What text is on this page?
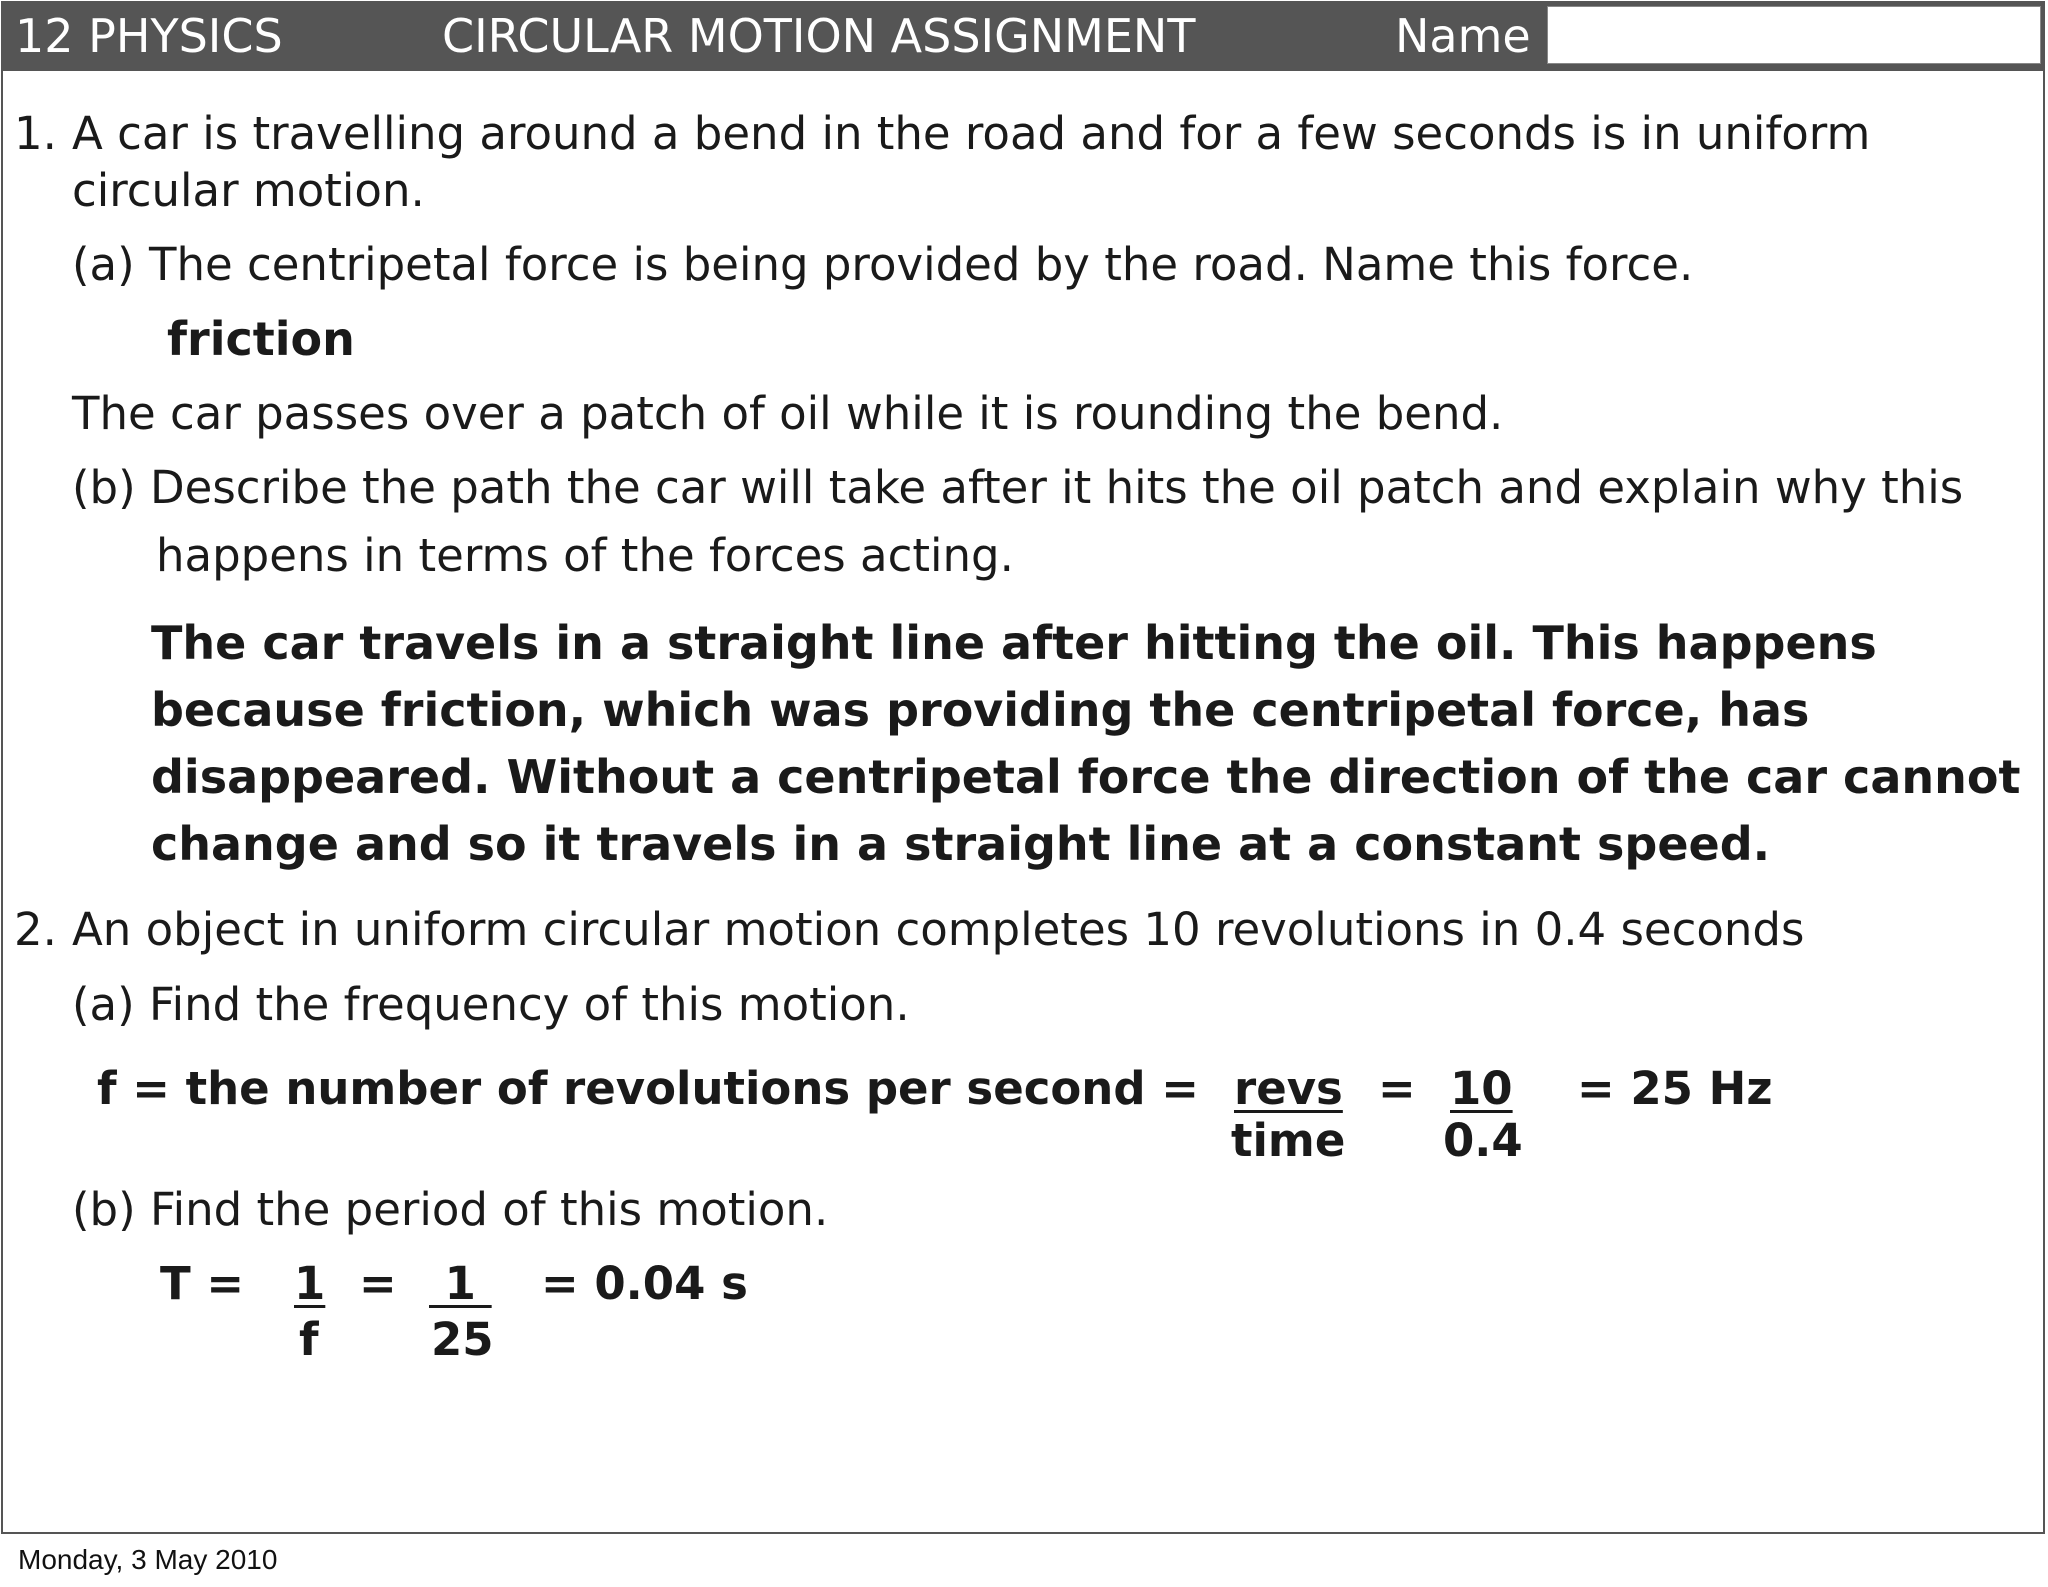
12 PHYSICS	CIRCULAR MOTION ASSIGNMENT	Name
1. A car is travelling around a bend in the road and for a few seconds is in uniform
circular motion.
(a) The centripetal force is being provided by the road. Name this force.
friction
The car passes over a patch of oil while it is rounding the bend.
(b) Describe the path the car will take after it hits the oil patch and explain why this
happens in terms of the forces acting.
The car travels in a straight line after hitting the oil. This happens
because friction, which was providing the centripetal force, has
disappeared. Without a centripetal force the direction of the car cannot
change and so it travels in a straight line at a constant speed.
2. An object in uniform circular motion completes 10 revolutions in 0.4 seconds
(a) Find the frequency of this motion.
f = the number of revolutions per second = revs
time
= 10
0.4
= 25 Hz
(b) Find the period of this motion.
T = 1
f
= 1
25
= 0.04 s
Monday, 3 May 2010
